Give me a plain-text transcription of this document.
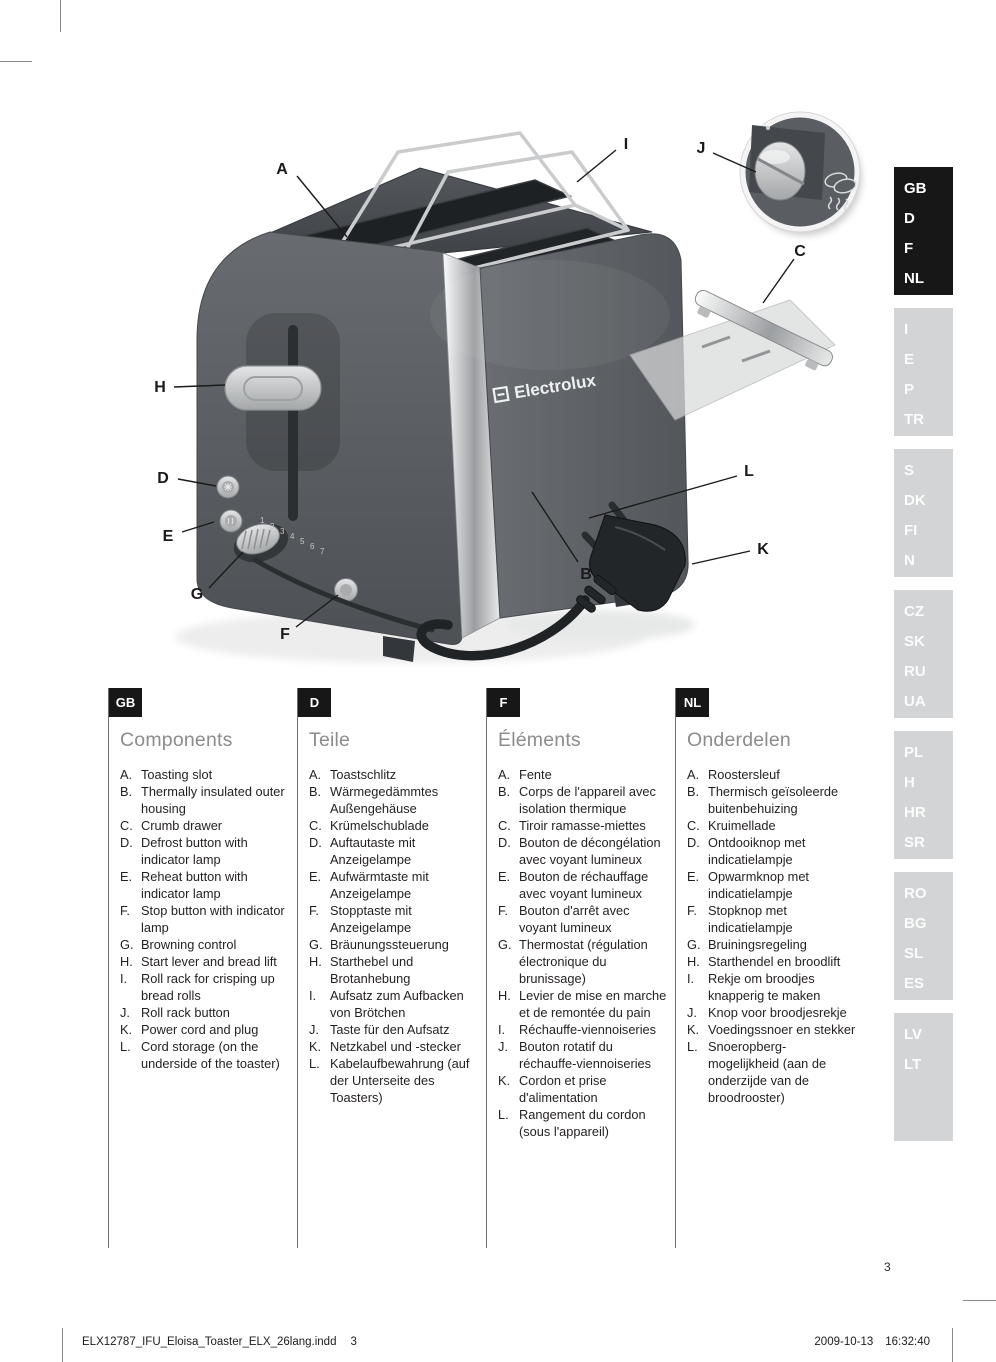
1
2
3
4
5
6
7
Electrolux
A
B
C
D
E
F
G
H
I	J
K
L
GB
D
F
NL
I
E
P
TR
S
DK
FI
N
CZ
SK
RU
UA
PL
H
HR
SR
RO
BG
SL
ES
LV
LT
GB
Components
A. Toasting slot
B. Thermally insulated outer housing
C. Crumb drawer
D. Defrost button with indicator lamp
E. Reheat button with indicator lamp
F. Stop button with indicator lamp
G. Browning control
H. Start lever and bread lift
I.	Roll rack for crisping up bread rolls
J. Roll rack button
K. Power cord and plug
L. Cord storage (on the underside of the toaster)
D
Teile
A. Toastschlitz
B. Wärmegedämmtes Außengehäuse
C. Krümelschublade
D. Auftautaste mit Anzeigelampe
E. Aufwärmtaste mit Anzeigelampe
F. Stopptaste mit Anzeigelampe
G. Bräunungssteuerung
H. Starthebel und Brotanhebung
I.	Aufsatz zum Aufbacken von Brötchen
J. Taste für den Aufsatz
K. Netzkabel und -stecker
L. Kabelaufbewahrung (auf der Unterseite des Toasters)
F
Éléments
A. Fente
B. Corps de l'appareil avec isolation thermique
C. Tiroir ramasse-miettes
D. Bouton de décongélation avec voyant lumineux
E. Bouton de réchauffage avec voyant lumineux
F. Bouton d'arrêt avec voyant lumineux
G. Thermostat (régulation électronique du brunissage)
H. Levier de mise en marche et de remontée du pain
I.	Réchauffe-viennoiseries
J. Bouton rotatif du réchauffe-viennoiseries
K. Cordon et prise d'alimentation
L. Rangement du cordon (sous l'appareil)
NL
Onderdelen
A. Roostersleuf
B. Thermisch geïsoleerde buitenbehuizing
C. Kruimellade
D. Ontdooiknop met indicatielampje
E. Opwarmknop met indicatielampje
F. Stopknop met indicatielampje
G. Bruiningsregeling
H. Starthendel en broodlift
I.	Rekje om broodjes knapperig te maken
J. Knop voor broodjesrekje
K. Voedingssnoer en stekker
L. Snoeropberg- mogelijkheid (aan de onderzijde van de broodrooster)
3
ELX12787_IFU_Eloisa_Toaster_ELX_26lang.indd 3	2009-10-13 16:32:40
